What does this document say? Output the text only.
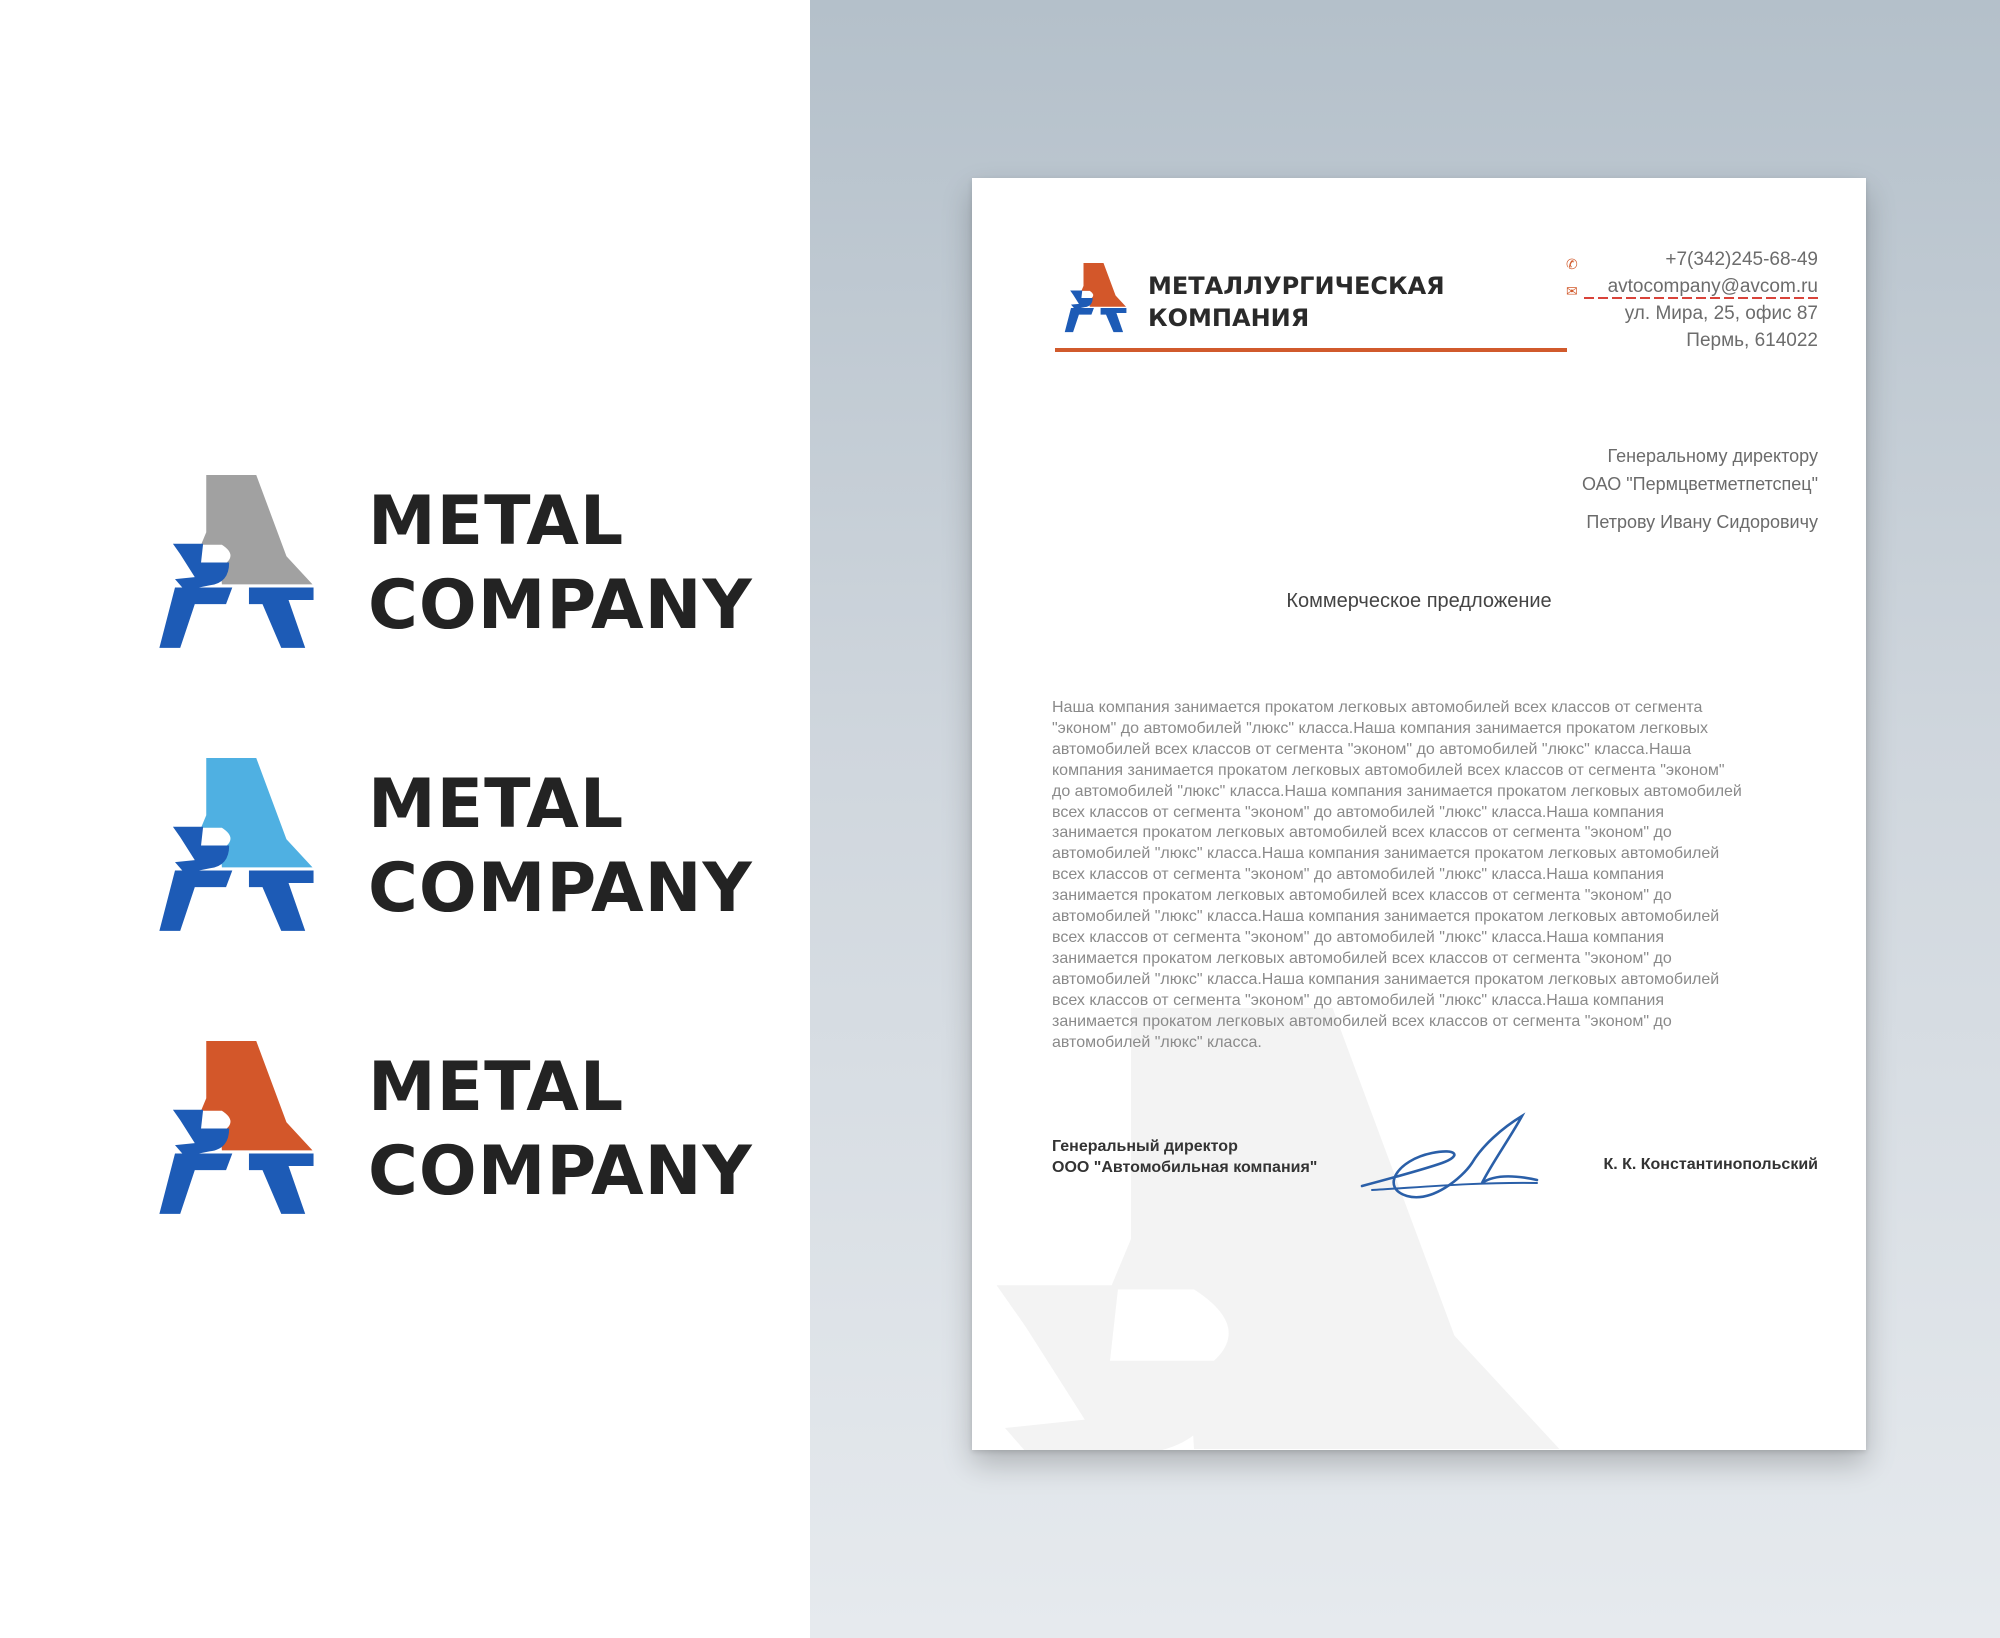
METAL
COMPANY
METAL
COMPANY
METAL
COMPANY
МЕТАЛЛУРГИЧЕСКАЯ
КОМПАНИЯ
✆	+7(342)245-68-49
✉ avtocompany@avcom.ru
ул. Мира, 25, офис 87
Пермь, 614022
Генеральному директору
ОАО "Пермцветметпетспец"
Петрову Ивану Сидоровичу
Коммерческое предложение
Наша компания занимается прокатом легковых автомобилей всех классов от сегмента
"эконом" до автомобилей "люкс" класса.Наша компания занимается прокатом легковых
автомобилей всех классов от сегмента "эконом" до автомобилей "люкс" класса.Наша
компания занимается прокатом легковых автомобилей всех классов от сегмента "эконом"
до автомобилей "люкс" класса.Наша компания занимается прокатом легковых автомобилей
всех классов от сегмента "эконом" до автомобилей "люкс" класса.Наша компания
занимается прокатом легковых автомобилей всех классов от сегмента "эконом" до
автомобилей "люкс" класса.Наша компания занимается прокатом легковых автомобилей
всех классов от сегмента "эконом" до автомобилей "люкс" класса.Наша компания
занимается прокатом легковых автомобилей всех классов от сегмента "эконом" до
автомобилей "люкс" класса.Наша компания занимается прокатом легковых автомобилей
всех классов от сегмента "эконом" до автомобилей "люкс" класса.Наша компания
занимается прокатом легковых автомобилей всех классов от сегмента "эконом" до
автомобилей "люкс" класса.Наша компания занимается прокатом легковых автомобилей
всех классов от сегмента "эконом" до автомобилей "люкс" класса.Наша компания
занимается прокатом легковых автомобилей всех классов от сегмента "эконом" до
автомобилей "люкс" класса.
Генеральный директор
ООО "Автомобильная компания"	К. К. Константинопольский
